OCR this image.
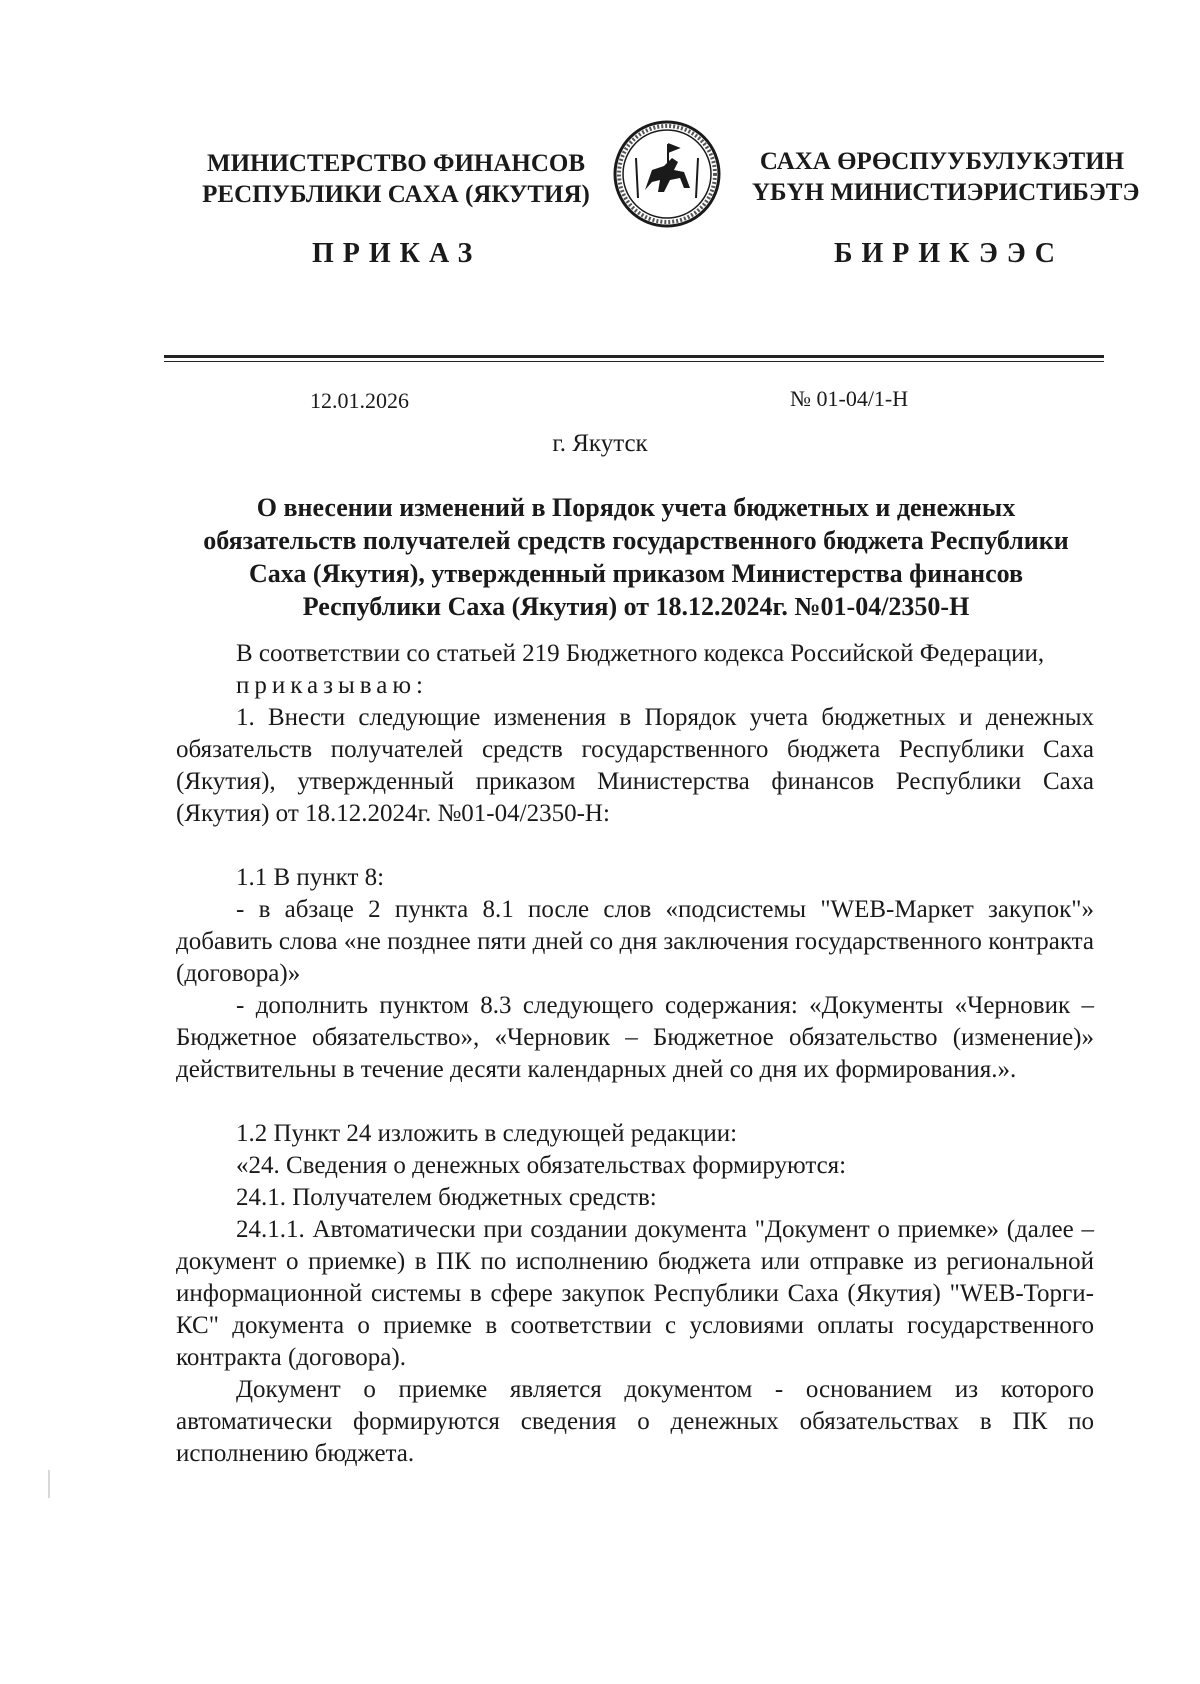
МИНИСТЕРСТВО ФИНАНСОВ
РЕСПУБЛИКИ САХА (ЯКУТИЯ)
САХА ӨРӨСПУУБУЛУКЭТИН
ҮБҮН МИНИСТИЭРИСТИБЭТЭ
ПРИКАЗ	БИРИКЭЭС
12.01.2026	№ 01-04/1-Н
г. Якутск
О внесении изменений в Порядок учета бюджетных и денежных
обязательств получателей средств государственного бюджета Республики
Саха (Якутия), утвержденный приказом Министерства финансов
Республики Саха (Якутия) от 18.12.2024г. №01-04/2350-Н

В соответствии со статьей 219 Бюджетного кодекса Российской Федерации,

приказываю:

1. Внести следующие изменения в Порядок учета бюджетных и денежных обязательств получателей средств государственного бюджета Республики Саха (Якутия), утвержденный приказом Министерства финансов Республики Саха (Якутия) от 18.12.2024г. №01-04/2350-Н:

1.1 В пункт 8:

- в абзаце 2 пункта 8.1 после слов «подсистемы "WEB-Маркет закупок"» добавить слова «не позднее пяти дней со дня заключения государственного контракта (договора)»

- дополнить пунктом 8.3 следующего содержания: «Документы «Черновик – Бюджетное обязательство», «Черновик – Бюджетное обязательство (изменение)» действительны в течение десяти календарных дней со дня их формирования.».

1.2 Пункт 24 изложить в следующей редакции:

«24. Сведения о денежных обязательствах формируются:

24.1. Получателем бюджетных средств:

24.1.1. Автоматически при создании документа "Документ о приемке» (далее – документ о приемке) в ПК по исполнению бюджета или отправке из региональной информационной системы в сфере закупок Республики Саха (Якутия) "WEB-Торги-КС" документа о приемке в соответствии с условиями оплаты государственного контракта (договора).

Документ о приемке является документом - основанием из которого автоматически формируются сведения о денежных обязательствах в ПК по исполнению бюджета.
